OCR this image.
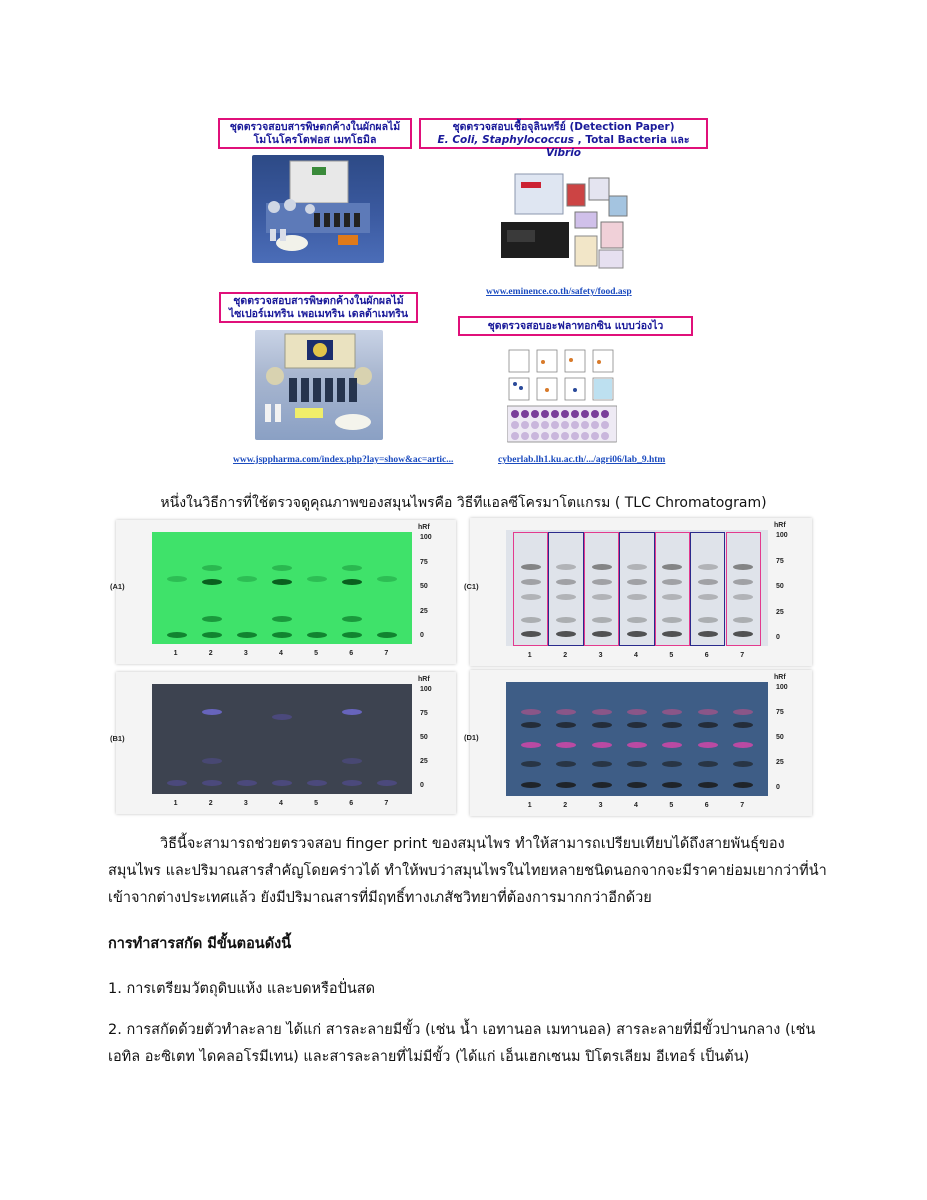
ชุดตรวจสอบสารพิษตกค้างในผักผลไม้
โมโนโครโตฟอส เมทโธมิล
ชุดตรวจสอบเชื้อจุลินทรีย์ (Detection Paper)
E. Coli, Staphylococcus , Total Bacteria และ Vibrio
www.eminence.co.th/safety/food.asp
ชุดตรวจสอบสารพิษตกค้างในผักผลไม้
ไซเปอร์เมทริน เพอเมทริน เดลต้าเมทริน
ชุดตรวจสอบอะฟลาทอกซิน แบบว่องไว
www.jsppharma.com/index.php?lay=show&ac=artic...	cyberlab.lh1.ku.ac.th/.../agri06/lab_9.htm
หนึ่งในวิธีการที่ใช้ตรวจดูคุณภาพของสมุนไพรคือ วิธีทีแอลซีโครมาโตแกรม ( TLC Chromatogram)
(A1)
hRf
100
75
50
25
0
1	2	3	4	5	6	7
(C1)
hRf
100
75
50
25
0
1	2	3	4	5	6	7
(B1)
hRf
100
75
50
25
0
1	2	3	4	5	6	7
(D1)
hRf
100
75
50
25
0
1	2	3	4	5	6	7
วิธีนี้จะสามารถช่วยตรวจสอบ finger print ของสมุนไพร ทำให้สามารถเปรียบเทียบได้ถึงสายพันธุ์ของสมุนไพร และปริมาณสารสำคัญโดยคร่าวได้ ทำให้พบว่าสมุนไพรในไทยหลายชนิดนอกจากจะมีราคาย่อมเยากว่าที่นำเข้าจากต่างประเทศแล้ว ยังมีปริมาณสารที่มีฤทธิ์ทางเภสัชวิทยาที่ต้องการมากกว่าอีกด้วย
การทำสารสกัด มีขั้นตอนดังนี้
1. การเตรียมวัตถุดิบแห้ง และบดหรือปั่นสด
2. การสกัดด้วยตัวทำละลาย ได้แก่ สารละลายมีขั้ว (เช่น น้ำ เอทานอล เมทานอล) สารละลายที่มีขั้วปานกลาง (เช่น เอทิล อะซิเตท ไดคลอโรมีเทน) และสารละลายที่ไม่มีขั้ว (ได้แก่ เอ็นเฮกเซนม ปิโตรเลียม อีเทอร์ เป็นต้น)
